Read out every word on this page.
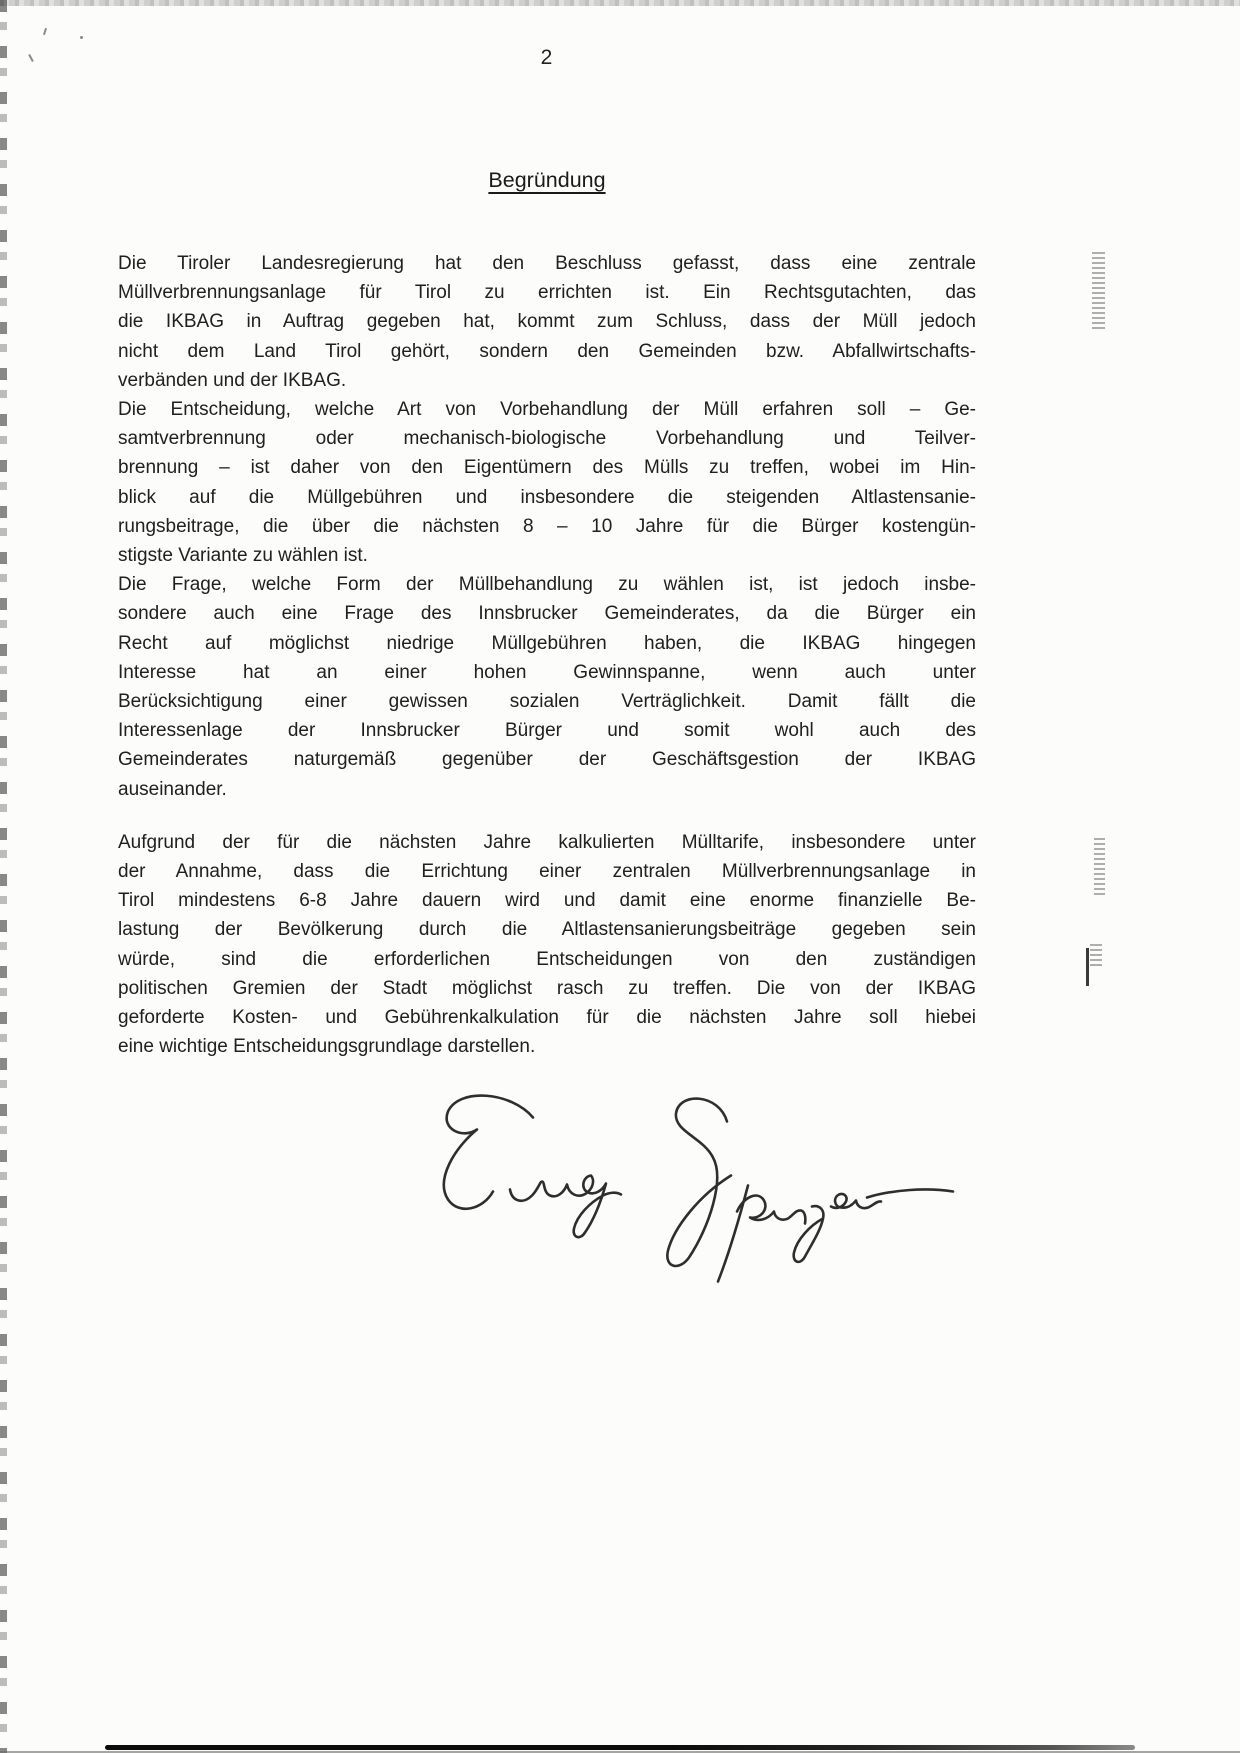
2
Begründung
Die Tiroler Landesregierung hat den Beschluss gefasst, dass eine zentrale
Müllverbrennungsanlage für Tirol zu errichten ist. Ein Rechtsgutachten, das
die IKBAG in Auftrag gegeben hat, kommt zum Schluss, dass der Müll jedoch
nicht dem Land Tirol gehört, sondern den Gemeinden bzw. Abfallwirtschafts-
verbänden und der IKBAG.
Die Entscheidung, welche Art von Vorbehandlung der Müll erfahren soll – Ge-
samtverbrennung oder mechanisch-biologische Vorbehandlung und Teilver-
brennung – ist daher von den Eigentümern des Mülls zu treffen, wobei im Hin-
blick auf die Müllgebühren und insbesondere die steigenden Altlastensanie-
rungsbeitrage, die über die nächsten 8 – 10 Jahre für die Bürger kostengün-
stigste Variante zu wählen ist.
Die Frage, welche Form der Müllbehandlung zu wählen ist, ist jedoch insbe-
sondere auch eine Frage des Innsbrucker Gemeinderates, da die Bürger ein
Recht auf möglichst niedrige Müllgebühren haben, die IKBAG hingegen
Interesse hat an einer hohen Gewinnspanne, wenn auch unter
Berücksichtigung einer gewissen sozialen Verträglichkeit. Damit fällt die
Interessenlage der Innsbrucker Bürger und somit wohl auch des
Gemeinderates naturgemäß gegenüber der Geschäftsgestion der IKBAG
auseinander.
Aufgrund der für die nächsten Jahre kalkulierten Mülltarife, insbesondere unter
der Annahme, dass die Errichtung einer zentralen Müllverbrennungsanlage in
Tirol mindestens 6-8 Jahre dauern wird und damit eine enorme finanzielle Be-
lastung der Bevölkerung durch die Altlastensanierungsbeiträge gegeben sein
würde, sind die erforderlichen Entscheidungen von den zuständigen
politischen Gremien der Stadt möglichst rasch zu treffen. Die von der IKBAG
geforderte Kosten- und Gebührenkalkulation für die nächsten Jahre soll hiebei
eine wichtige Entscheidungsgrundlage darstellen.
